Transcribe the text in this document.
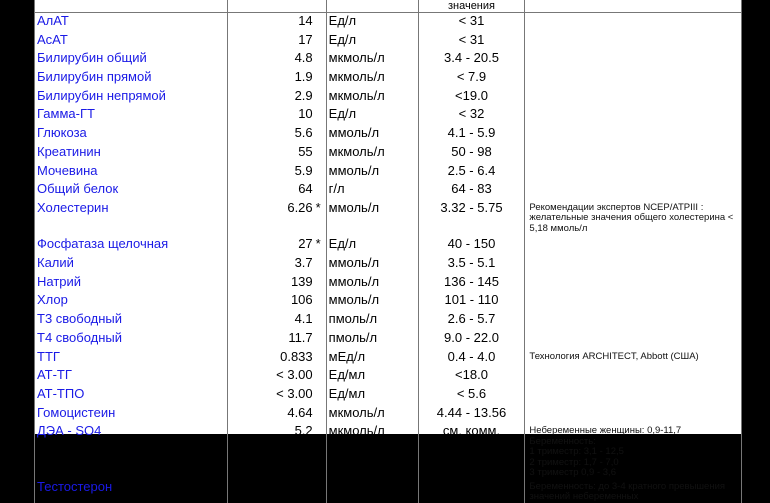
			значения	
АлАТ	14	Ед/л	< 31	
АсАТ	17	Ед/л	< 31	
Билирубин общий	4.8	мкмоль/л	3.4 - 20.5	
Билирубин прямой	1.9	мкмоль/л	< 7.9	
Билирубин непрямой	2.9	мкмоль/л	<19.0	
Гамма-ГТ	10	Ед/л	< 32	
Глюкоза	5.6	ммоль/л	4.1 - 5.9	
Креатинин	55	мкмоль/л	50 - 98	
Мочевина	5.9	ммоль/л	2.5 - 6.4	
Общий белок	64	г/л	64 - 83	
Холестерин	6.26 *	ммоль/л	3.32 - 5.75	Рекомендации экспертов NCEP/ATPIII : желательные значения общего холестерина < 5,18 ммоль/л
Фосфатаза щелочная	27 *	Ед/л	40 - 150	
Калий	3.7	ммоль/л	3.5 - 5.1	
Натрий	139	ммоль/л	136 - 145	
Хлор	106	ммоль/л	101 - 110	
Т3 свободный	4.1	пмоль/л	2.6 - 5.7	
Т4 свободный	11.7	пмоль/л	9.0 - 22.0	
ТТГ	0.833	мЕд/л	0.4 - 4.0	Технология ARCHITECT, Abbott (США)
АТ-ТГ	< 3.00	Ед/мл	<18.0	
АТ-ТПО	< 3.00	Ед/мл	< 5.6	
Гомоцистеин	4.64	мкмоль/л	4.44 - 13.56	
ДЭА - SO4	5.2	мкмоль/л	см. комм.	Небеременные женщины: 0,9-11,7
Беременность:
1 триместр: 3,1 - 12,5
2 триместр: 1,7 - 7,0
3 триместр 0,9 - 3,6
Тестостерон	0.90	нмоль/л	0.52 - 1.72	Беременность: до 3-4 кратного превышения значений небеременных
